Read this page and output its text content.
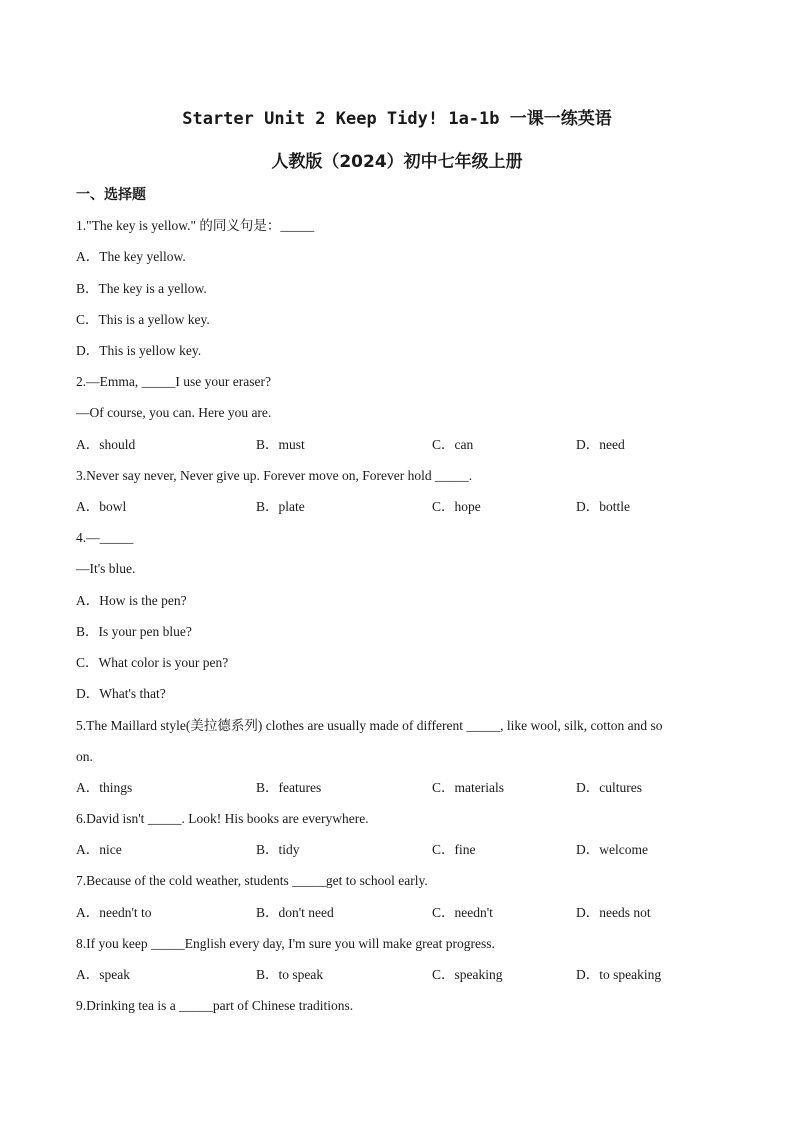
Starter Unit 2 Keep Tidy! 1a-1b 一课一练英语
人教版（2024）初中七年级上册
一、选择题
1."The key is yellow." 的同义句是：_____
A．The key yellow.
B．The key is a yellow.
C．This is a yellow key.
D．This is yellow key.
2.—Emma, _____I use your eraser?
—Of course, you can. Here you are.
A．should	B．must	C．can	D．need
3.Never say never, Never give up. Forever move on, Forever hold _____.
A．bowl	B．plate	C．hope	D．bottle
4.—_____
—It's blue.
A．How is the pen?
B．Is your pen blue?
C．What color is your pen?
D．What's that?
5.The Maillard style(美拉德系列) clothes are usually made of different _____, like wool, silk, cotton and so
on.
A．things	B．features	C．materials	D．cultures
6.David isn't _____. Look! His books are everywhere.
A．nice	B．tidy	C．fine	D．welcome
7.Because of the cold weather, students _____get to school early.
A．needn't to	B．don't need	C．needn't	D．needs not
8.If you keep _____English every day, I'm sure you will make great progress.
A．speak	B．to speak	C．speaking	D．to speaking
9.Drinking tea is a _____part of Chinese traditions.
